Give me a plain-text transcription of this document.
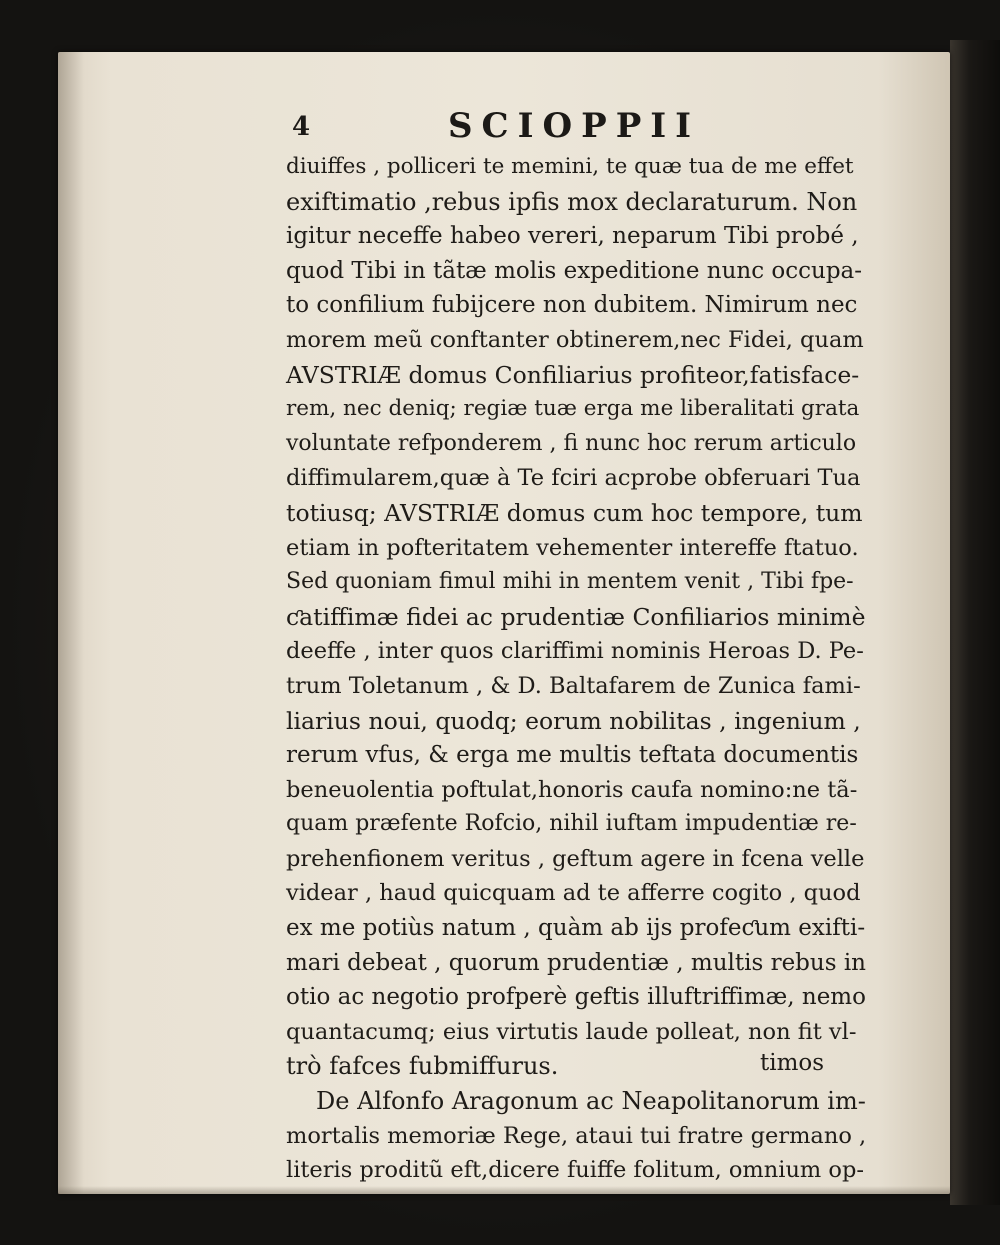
4	SCIOPPII
diuiffes , polliceri te memini, te quæ tua de me effet
exiftimatio ,rebus ipfis mox declaraturum. Non
igitur neceffe habeo vereri, neparum Tibi probé ,
quod Tibi in tãtæ molis expeditione nunc occupa-
to confilium fubijcere non dubitem. Nimirum nec
morem meũ conftanter obtinerem,nec Fidei, quam
AVSTRIÆ domus Confiliarius profiteor,fatisface-
rem, nec deniq; regiæ tuæ erga me liberalitati grata
voluntate refponderem , fi nunc hoc rerum articulo
diffimularem,quæ à Te fciri acprobe obferuari Tua
totiusq; AVSTRIÆ domus cum hoc tempore, tum
etiam in pofteritatem vehementer intereffe ftatuo.
Sed quoniam fimul mihi in mentem venit , Tibi fpe-
ƈatiffimæ fidei ac prudentiæ Confiliarios minimè
deeffe , inter quos clariffimi nominis Heroas D. Pe-
trum Toletanum , & D. Baltafarem de Zunica fami-
liarius noui, quodq; eorum nobilitas , ingenium ,
rerum vfus, & erga me multis teftata documentis
beneuolentia poftulat,honoris caufa nomino:ne tã-
quam præfente Rofcio, nihil iuftam impudentiæ re-
prehenfionem veritus , geftum agere in fcena velle
videar , haud quicquam ad te afferre cogito , quod
ex me potiùs natum , quàm ab ijs profeƈum exifti-
mari debeat , quorum prudentiæ , multis rebus in
otio ac negotio profperè geftis illuftriffimæ, nemo
quantacumq; eius virtutis laude polleat, non fit vl-
trò fafces fubmiffurus.
De Alfonfo Aragonum ac Neapolitanorum im-
mortalis memoriæ Rege, ataui tui fratre germano ,
literis proditũ eft,dicere fuiffe folitum, omnium op-
timos
